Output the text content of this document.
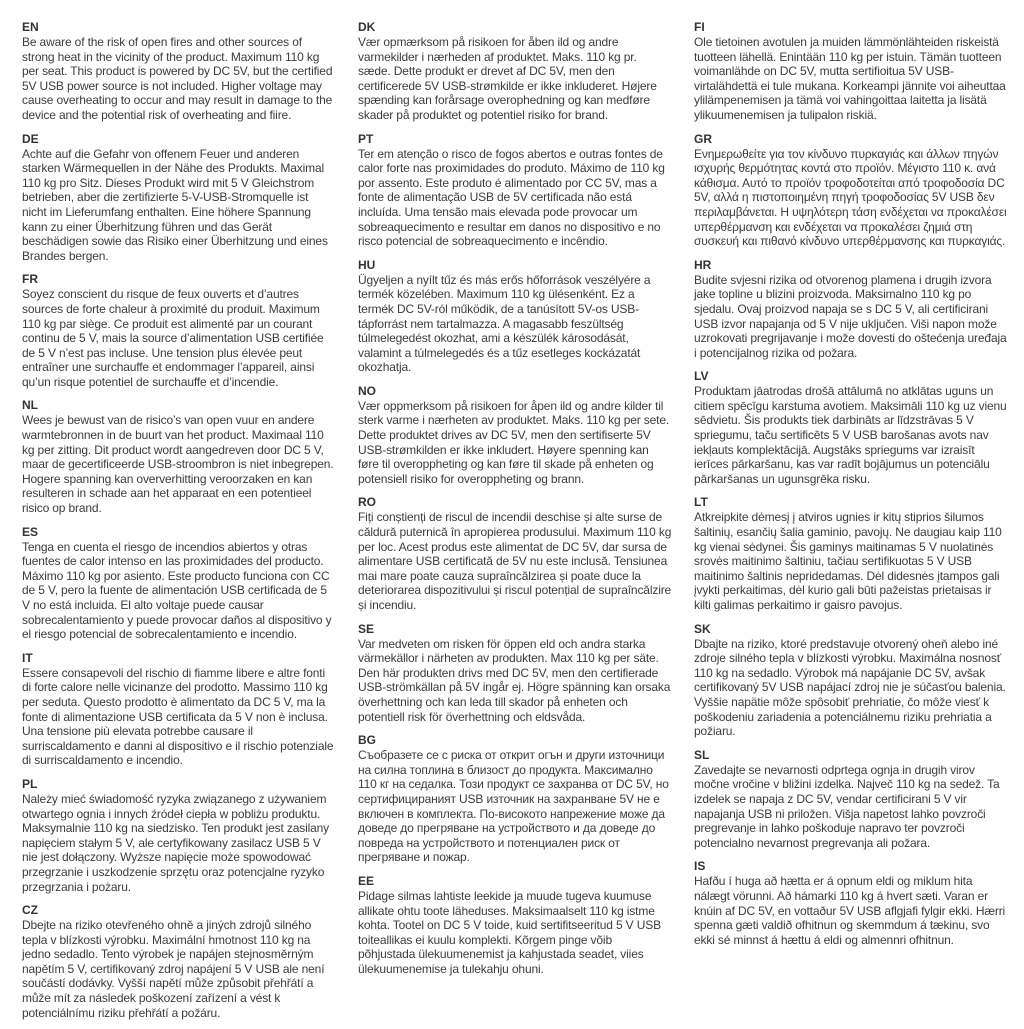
EN

Be aware of the risk of open fires and other sources of strong heat in the vicinity of the product. Maximum 110 kg per seat. This product is powered by DC 5V, but the certified 5V USB power source is not included. Higher voltage may cause overheating to occur and may result in damage to the device and the potential risk of overheating and fiire.

DE

Achte auf die Gefahr von offenem Feuer und anderen starken Wärmequellen in der Nähe des Produkts. Maximal 110 kg pro Sitz. Dieses Produkt wird mit 5 V Gleichstrom betrieben, aber die zertifizierte 5-V-USB-Stromquelle ist nicht im Lieferumfang enthalten. Eine höhere Spannung kann zu einer Überhitzung führen und das Gerät beschädigen sowie das Risiko einer Überhitzung und eines Brandes bergen.

FR

Soyez conscient du risque de feux ouverts et d’autres sources de forte chaleur à proximité du produit. Maximum 110 kg par siège. Ce produit est alimenté par un courant continu de 5 V, mais la source d’alimentation USB certifiée de 5 V n’est pas incluse. Une tension plus élevée peut entraîner une surchauffe et endommager l’appareil, ainsi qu’un risque potentiel de surchauffe et d’incendie.

NL

Wees je bewust van de risico’s van open vuur en andere warmtebronnen in de buurt van het product. Maximaal 110 kg per zitting. Dit product wordt aangedreven door DC 5 V, maar de gecertificeerde USB-stroombron is niet inbegrepen. Hogere spanning kan oververhitting veroorzaken en kan resulteren in schade aan het apparaat en een potentieel risico op brand.

ES

Tenga en cuenta el riesgo de incendios abiertos y otras fuentes de calor intenso en las proximidades del producto. Máximo 110 kg por asiento. Este producto funciona con CC de 5 V, pero la fuente de alimentación USB certificada de 5 V no está incluida. El alto voltaje puede causar sobrecalentamiento y puede provocar daños al dispositivo y el riesgo potencial de sobrecalentamiento e incendio.

IT

Essere consapevoli del rischio di fiamme libere e altre fonti di forte calore nelle vicinanze del prodotto. Massimo 110 kg per seduta. Questo prodotto è alimentato da DC 5 V, ma la fonte di alimentazione USB certificata da 5 V non è inclusa. Una tensione più elevata potrebbe causare il surriscaldamento e danni al dispositivo e il rischio potenziale di surriscaldamento e incendio.

PL

Należy mieć świadomość ryzyka związanego z używaniem otwartego ognia i innych źródeł ciepła w pobliżu produktu. Maksymalnie 110 kg na siedzisko. Ten produkt jest zasilany napięciem stałym 5 V, ale certyfikowany zasilacz USB 5 V nie jest dołączony. Wyższe napięcie może spowodować przegrzanie i uszkodzenie sprzętu oraz potencjalne ryzyko przegrzania i pożaru.

CZ

Dbejte na riziko otevřeného ohně a jiných zdrojů silného tepla v blízkosti výrobku. Maximální hmotnost 110 kg na jedno sedadlo. Tento výrobek je napájen stejnosměrným napětím 5 V, certifikovaný zdroj napájení 5 V USB ale není součástí dodávky. Vyšší napětí může způsobit přehřátí a může mít za následek poškození zařízení a vést k potenciálnímu riziku přehřátí a požáru.

DK

Vær opmærksom på risikoen for åben ild og andre varmekilder i nærheden af produktet. Maks. 110 kg pr. sæde. Dette produkt er drevet af DC 5V, men den certificerede 5V USB-strømkilde er ikke inkluderet. Højere spænding kan forårsage overophedning og kan medføre skader på produktet og potentiel risiko for brand.

PT

Ter em atenção o risco de fogos abertos e outras fontes de calor forte nas proximidades do produto. Máximo de 110 kg por assento. Este produto é alimentado por CC 5V, mas a fonte de alimentação USB de 5V certificada não está incluída. Uma tensão mais elevada pode provocar um sobreaquecimento e resultar em danos no dispositivo e no risco potencial de sobreaquecimento e incêndio.

HU

Ügyeljen a nyílt tűz és más erős hőforrások veszélyére a termék közelében. Maximum 110 kg ülésenként. Ez a termék DC 5V-ról működik, de a tanúsított 5V-os USB-tápforrást nem tartalmazza. A magasabb feszültség túlmelegedést okozhat, ami a készülék károsodását, valamint a túlmelegedés és a tűz esetleges kockázatát okozhatja.

NO

Vær oppmerksom på risikoen for åpen ild og andre kilder til sterk varme i nærheten av produktet. Maks. 110 kg per sete. Dette produktet drives av DC 5V, men den sertifiserte 5V USB-strømkilden er ikke inkludert. Høyere spenning kan føre til overoppheting og kan føre til skade på enheten og potensiell risiko for overoppheting og brann.

RO

Fiți conștienți de riscul de incendii deschise și alte surse de căldură puternică în apropierea produsului. Maximum 110 kg per loc. Acest produs este alimentat de DC 5V, dar sursa de alimentare USB certificată de 5V nu este inclusă. Tensiunea mai mare poate cauza supraîncălzirea și poate duce la deteriorarea dispozitivului și riscul potențial de supraîncălzire și incendiu.

SE

Var medveten om risken för öppen eld och andra starka värmekällor i närheten av produkten. Max 110 kg per säte. Den här produkten drivs med DC 5V, men den certifierade USB-strömkällan på 5V ingår ej. Högre spänning kan orsaka överhettning och kan leda till skador på enheten och potentiell risk för överhettning och eldsvåda.

BG

Съобразете се с риска от открит огън и други източници на силна топлина в близост до продукта. Максимално 110 кг на седалка. Този продукт се захранва от DC 5V, но сертифицираният USB източник на захранване 5V не е включен в комплекта. По-високото напрежение може да доведе до прегряване на устройството и да доведе до повреда на устройството и потенциален риск от прегряване и пожар.

EE

Pidage silmas lahtiste leekide ja muude tugeva kuumuse allikate ohtu toote läheduses. Maksimaalselt 110 kg istme kohta. Tootel on DC 5 V toide, kuid sertifitseeritud 5 V USB toiteallikas ei kuulu komplekti. Kõrgem pinge võib põhjustada ülekuumenemist ja kahjustada seadet, viies ülekuumenemise ja tulekahju ohuni.

FI

Ole tietoinen avotulen ja muiden lämmönlähteiden riskeistä tuotteen lähellä. Enintään 110 kg per istuin. Tämän tuotteen voimanlähde on DC 5V, mutta sertifioitua 5V USB-virtalähdettä ei tule mukana. Korkeampi jännite voi aiheuttaa ylilämpenemisen ja tämä voi vahingoittaa laitetta ja lisätä ylikuumenemisen ja tulipalon riskiä.

GR

Ενημερωθείτε για τον κίνδυνο πυρκαγιάς και άλλων πηγών ισχυρής θερμότητας κοντά στο προϊόν. Μέγιστο 110 κ. ανά κάθισμα. Αυτό το προϊόν τροφοδοτείται από τροφοδοσία DC 5V, αλλά η πιστοποιημένη πηγή τροφοδοσίας 5V USB δεν περιλαμβάνεται. Η υψηλότερη τάση ενδέχεται να προκαλέσει υπερθέρμανση και ενδέχεται να προκαλέσει ζημιά στη συσκευή και πιθανό κίνδυνο υπερθέρμανσης και πυρκαγιάς.

HR

Budite svjesni rizika od otvorenog plamena i drugih izvora jake topline u blizini proizvoda. Maksimalno 110 kg po sjedalu. Ovaj proizvod napaja se s DC 5 V, ali certificirani USB izvor napajanja od 5 V nije uključen. Viši napon može uzrokovati pregrijavanje i može dovesti do oštećenja uređaja i potencijalnog rizika od požara.

LV

Produktam jāatrodas drošā attālumā no atklātas uguns un citiem spēcīgu karstuma avotiem. Maksimāli 110 kg uz vienu sēdvietu. Šis produkts tiek darbināts ar līdzstrāvas 5 V spriegumu, taču sertificēts 5 V USB barošanas avots nav iekļauts komplektācijā. Augstāks spriegums var izraisīt ierīces pārkaršanu, kas var radīt bojājumus un potenciālu pārkaršanas un ugunsgrēka risku.

LT

Atkreipkite dėmesį į atviros ugnies ir kitų stiprios šilumos šaltinių, esančių šalia gaminio, pavojų. Ne daugiau kaip 110 kg vienai sėdynei. Šis gaminys maitinamas 5 V nuolatinės srovės maitinimo šaltiniu, tačiau sertifikuotas 5 V USB maitinimo šaltinis nepridedamas. Dėl didesnės įtampos gali įvykti perkaitimas, dėl kurio gali būti pažeistas prietaisas ir kilti galimas perkaitimo ir gaisro pavojus.

SK

Dbajte na riziko, ktoré predstavuje otvorený oheň alebo iné zdroje silného tepla v blízkosti výrobku. Maximálna nosnosť 110 kg na sedadlo. Výrobok má napájanie DC 5V, avšak certifikovaný 5V USB napájací zdroj nie je súčasťou balenia. Vyššie napätie môže spôsobiť prehriatie, čo môže viesť k poškodeniu zariadenia a potenciálnemu riziku prehriatia a požiaru.

SL

Zavedajte se nevarnosti odprtega ognja in drugih virov močne vročine v bližini izdelka. Največ 110 kg na sedež. Ta izdelek se napaja z DC 5V, vendar certificirani 5 V vir napajanja USB ni priložen. Višja napetost lahko povzroči pregrevanje in lahko poškoduje napravo ter povzroči potencialno nevarnost pregrevanja ali požara.

IS

Hafðu í huga að hætta er á opnum eldi og miklum hita nálægt vörunni. Að hámarki 110 kg á hvert sæti. Varan er knúin af DC 5V, en vottaður 5V USB aflgjafi fylgir ekki. Hærri spenna gæti valdið ofhitnun og skemmdum á tækinu, svo ekki sé minnst á hættu á eldi og almennri ofhitnun.
